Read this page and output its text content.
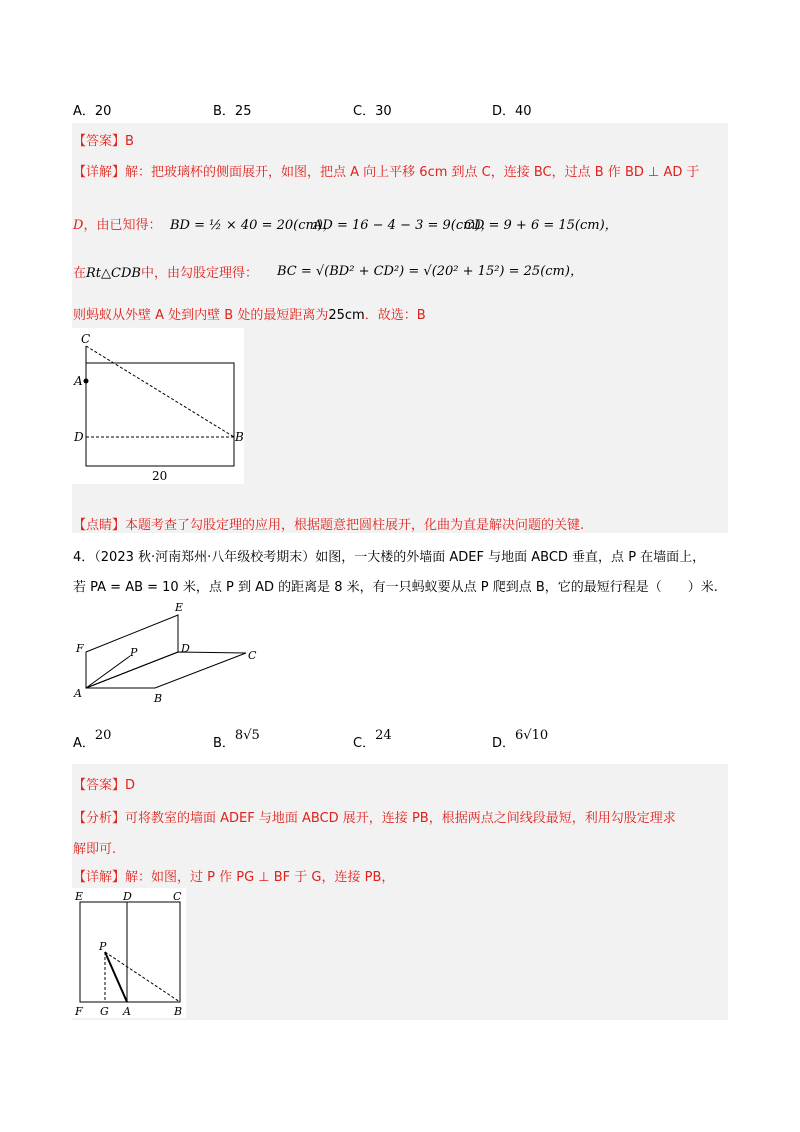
A．20	B．25	C．30	D．40
【答案】B
【详解】解：把玻璃杯的侧面展开，如图，把点 A 向上平移 6cm 到点 C，连接 BC，过点 B 作 BD ⊥ AD 于
D，由已知得： BD = ½ × 40 = 20(cm)，
AD = 16 − 4 − 3 = 9(cm)，
CD = 9 + 6 = 15(cm)，
在Rt△CDB中，由勾股定理得： BC = √(BD² + CD²) = √(20² + 15²) = 25(cm)，
则蚂蚁从外壁 A 处到内壁 B 处的最短距离为25cm．故选：B
C
A
D	B
20
【点睛】本题考查了勾股定理的应用，根据题意把圆柱展开，化曲为直是解决问题的关键.
4．（2023 秋·河南郑州·八年级校考期末）如图，一大楼的外墙面 ADEF 与地面 ABCD 垂直，点 P 在墙面上，
若 PA = AB = 10 米，点 P 到 AD 的距离是 8 米，有一只蚂蚁要从点 P 爬到点 B，它的最短行程是（　　）米.
E
F	P	D
C
A	B
A．20
B．8√5
C．24
D．6√10
【答案】D
【分析】可将教室的墙面 ADEF 与地面 ABCD 展开，连接 PB，根据两点之间线段最短，利用勾股定理求
解即可.
【详解】解：如图，过 P 作 PG ⊥ BF 于 G，连接 PB，
E	D	C
P
F G A	B
